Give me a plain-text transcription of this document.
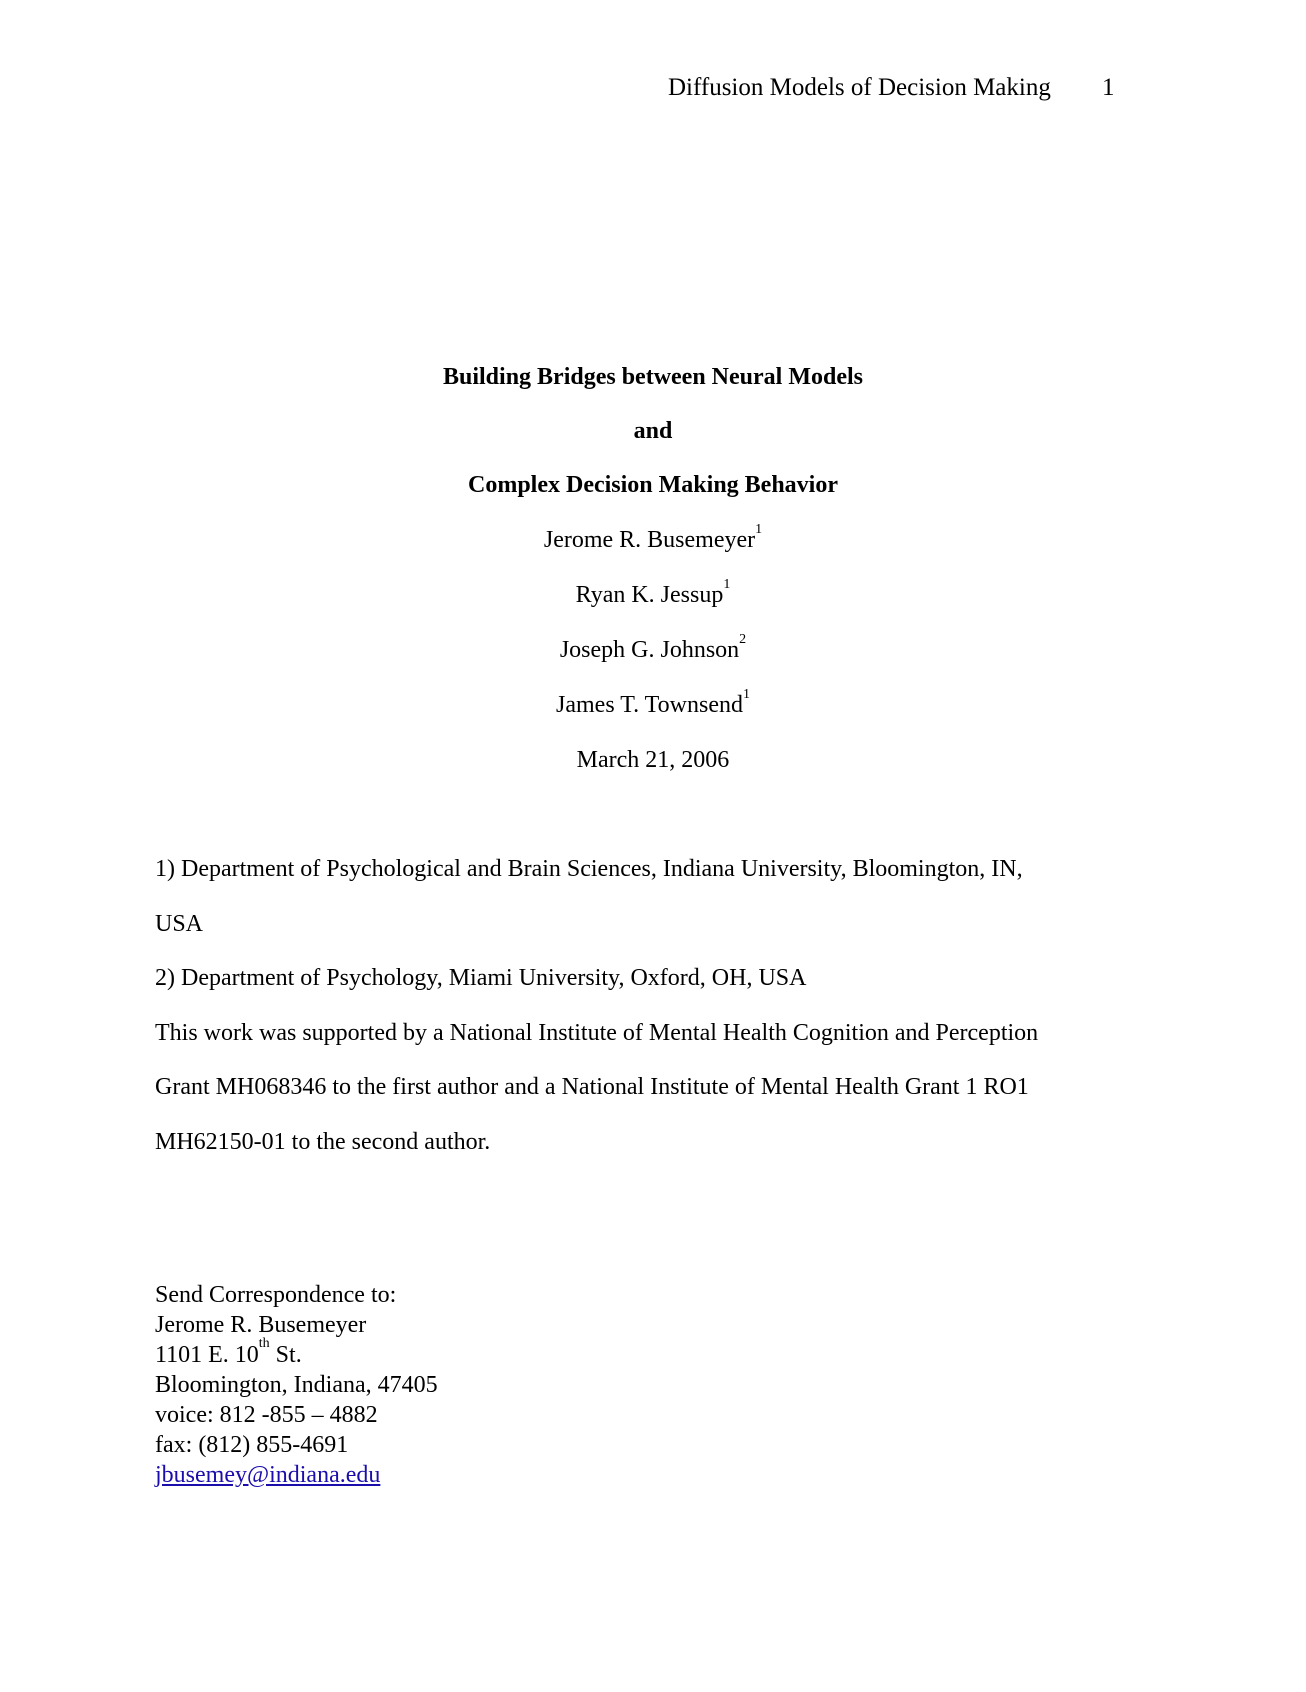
Diffusion Models of Decision Making 1
Building Bridges between Neural Models
and
Complex Decision Making Behavior
Jerome R. Busemeyer$^1$
Ryan K. Jessup$^1$
Joseph G. Johnson$^2$
James T. Townsend$^1$
March 21, 2006
1) Department of Psychological and Brain Sciences, Indiana University, Bloomington, IN,
USA
2) Department of Psychology, Miami University, Oxford, OH, USA
This work was supported by a National Institute of Mental Health Cognition and Perception
Grant MH068346 to the first author and a National Institute of Mental Health Grant 1 RO1
MH62150-01 to the second author.
Send Correspondence to:
Jerome R. Busemeyer
1101 E. 10th St.
Bloomington, Indiana, 47405
voice: 812 -855 – 4882
fax: (812) 855-4691
jbusemey@indiana.edu
